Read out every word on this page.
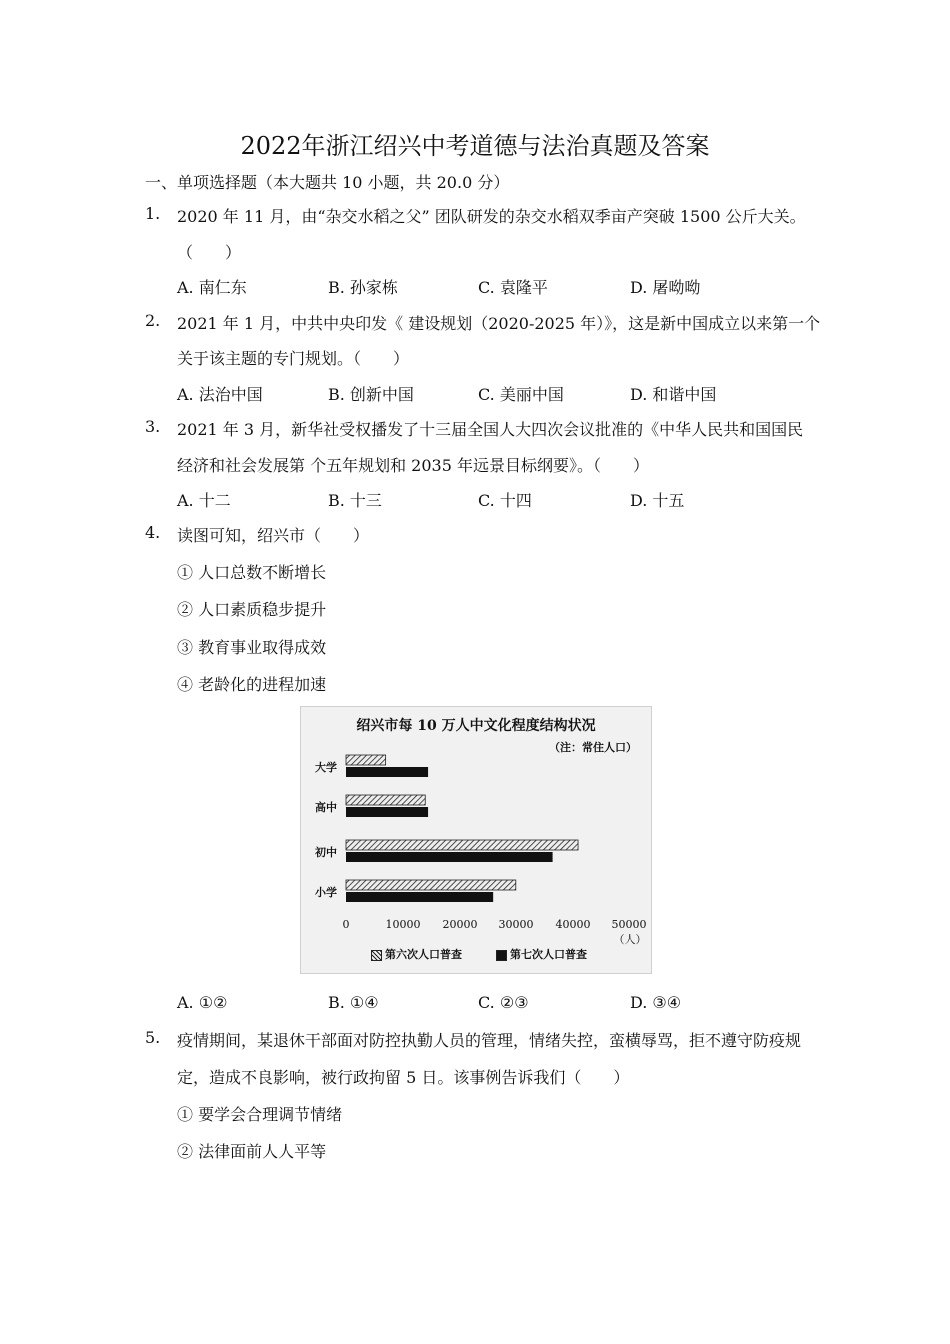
2022年浙江绍兴中考道德与法治真题及答案
一、单项选择题（本大题共 10 小题，共 20.0 分）
1. 2020 年 11 月，由“杂交水稻之父” 团队研发的杂交水稻双季亩产突破 1500 公斤大关。
（　　）
A. 南仁东	B. 孙家栋	C. 袁隆平	D. 屠呦呦
2. 2021 年 1 月，中共中央印发《 建设规划（2020-2025 年）》，这是新中国成立以来第一个
关于该主题的专门规划。（　　）
A. 法治中国	B. 创新中国	C. 美丽中国	D. 和谐中国
3. 2021 年 3 月，新华社受权播发了十三届全国人大四次会议批准的《中华人民共和国国民
经济和社会发展第 个五年规划和 2035 年远景目标纲要》。（　　）
A. 十二	B. 十三	C. 十四	D. 十五
4. 读图可知，绍兴市（　　）
① 人口总数不断增长
② 人口素质稳步提升
③ 教育事业取得成效
④ 老龄化的进程加速
绍兴市每 10 万人中文化程度结构状况
（注：常住人口）
大学
高中
初中
小学
0	10000	20000	30000	40000	50000
（人）
第六次人口普查	第七次人口普查
A. ①②	B. ①④	C. ②③	D. ③④
5. 疫情期间，某退休干部面对防控执勤人员的管理，情绪失控，蛮横辱骂，拒不遵守防疫规
定，造成不良影响，被行政拘留 5 日。该事例告诉我们（　　）
① 要学会合理调节情绪
② 法律面前人人平等
